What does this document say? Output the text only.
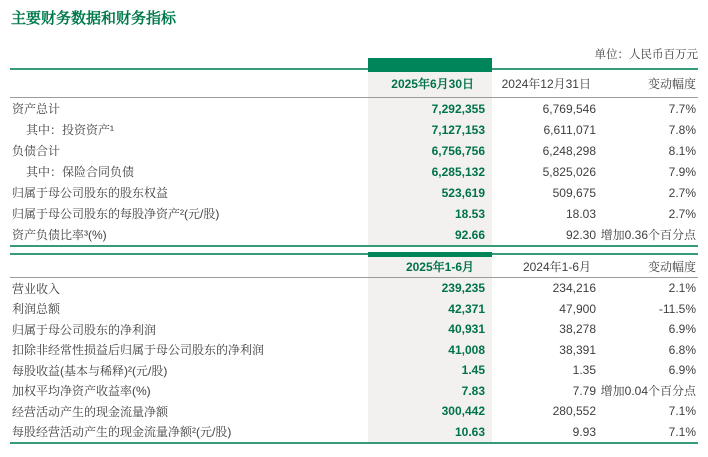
主要财务数据和财务指标
单位：人民币百万元
2025年6月30日	2024年12月31日	变动幅度
资产总计	7,292,355	6,769,546	7.7%
其中：投资资产¹	7,127,153	6,611,071	7.8%
负债合计	6,756,756	6,248,298	8.1%
其中：保险合同负债	6,285,132	5,825,026	7.9%
归属于母公司股东的股东权益	523,619	509,675	2.7%
归属于母公司股东的每股净资产²(元/股)	18.53	18.03	2.7%
资产负债比率³(%)	92.66	92.30 增加0.36个百分点
2025年1-6月	2024年1-6月	变动幅度
营业收入	239,235	234,216	2.1%
利润总额	42,371	47,900	-11.5%
归属于母公司股东的净利润	40,931	38,278	6.9%
扣除非经常性损益后归属于母公司股东的净利润	41,008	38,391	6.8%
每股收益(基本与稀释)²(元/股)	1.45	1.35	6.9%
加权平均净资产收益率(%)	7.83	7.79 增加0.04个百分点
经营活动产生的现金流量净额	300,442	280,552	7.1%
每股经营活动产生的现金流量净额²(元/股)	10.63	9.93	7.1%
